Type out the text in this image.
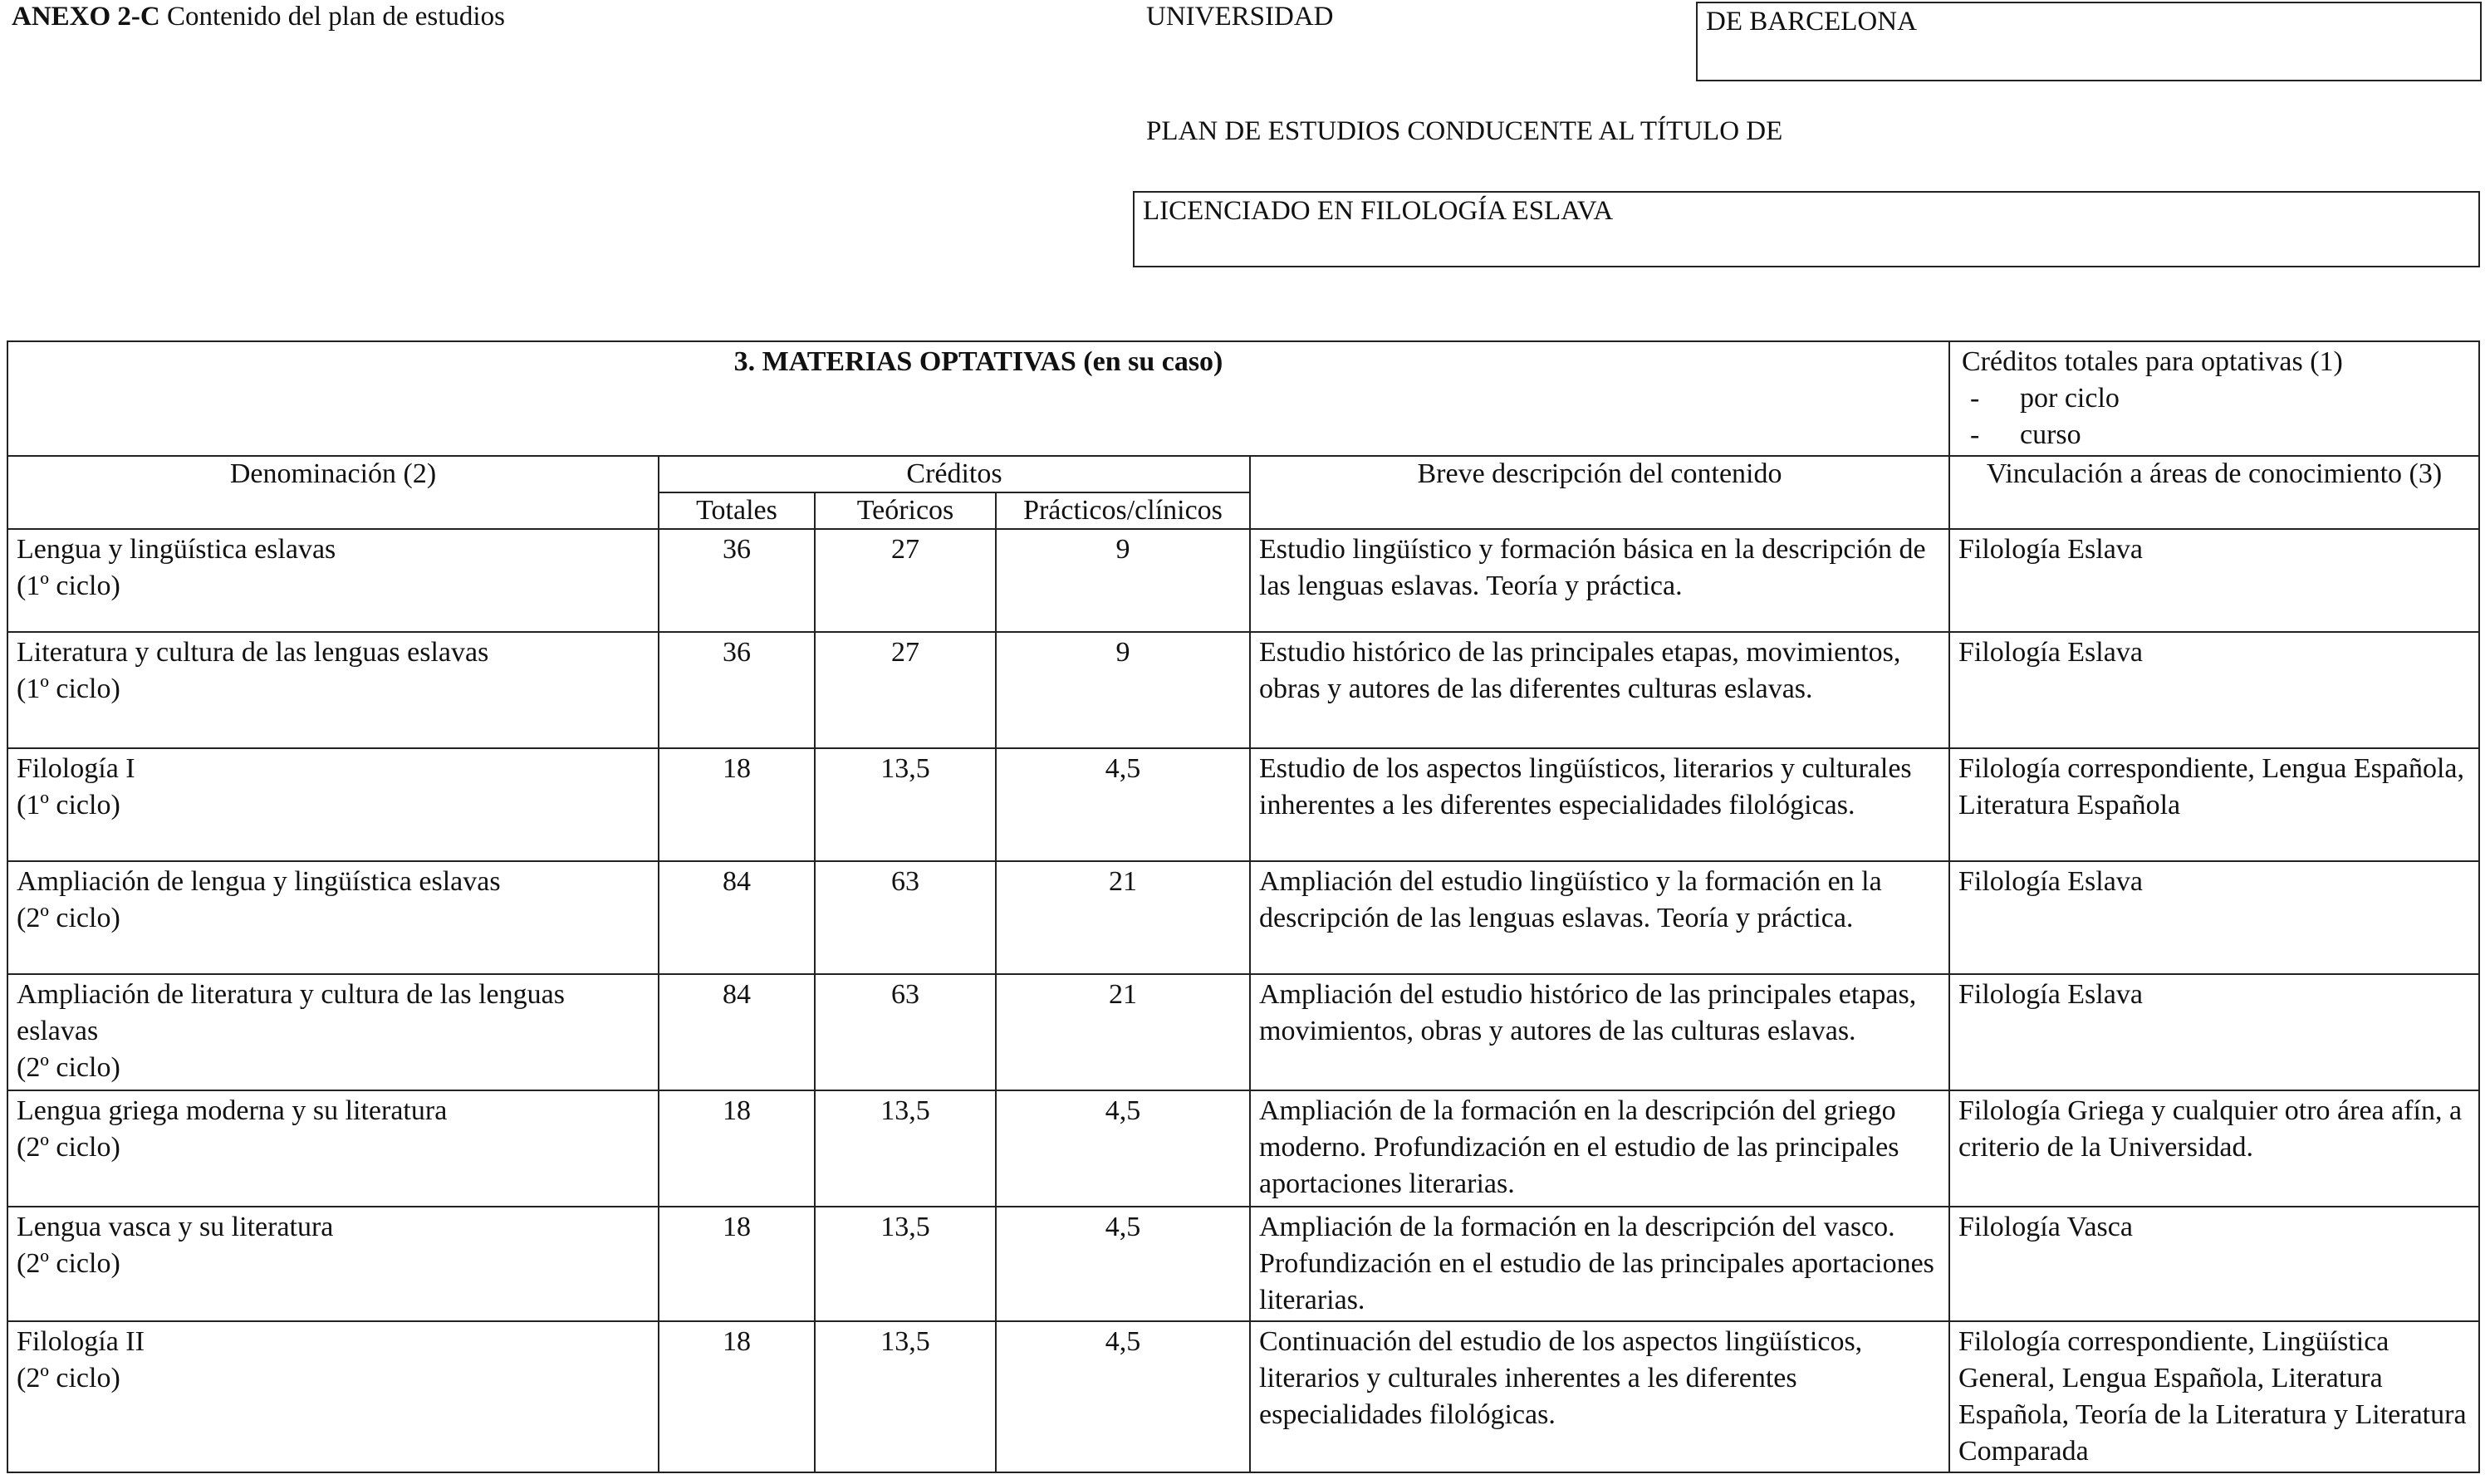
ANEXO 2-C Contenido del plan de estudios	UNIVERSIDAD	DE BARCELONA
PLAN DE ESTUDIOS CONDUCENTE AL TÍTULO DE
LICENCIADO EN FILOLOGÍA ESLAVA
3. MATERIAS OPTATIVAS (en su caso)					Créditos totales para optativas (1)
- por ciclo
- curso

Denominación (2)	Créditos			Breve descripción del contenido	Vinculación a áreas de conocimiento (3)
	Totales	Teóricos	Prácticos/clínicos		

Lengua y lingüística eslavas
(1º ciclo)	36	27	9	Estudio lingüístico y formación básica en la descripción de las lenguas eslavas. Teoría y práctica.	Filología Eslava

Literatura y cultura de las lenguas eslavas
(1º ciclo)	36	27	9	Estudio histórico de las principales etapas, movimientos, obras y autores de las diferentes culturas eslavas.	Filología Eslava

Filología I
(1º ciclo)	18	13,5	4,5	Estudio de los aspectos lingüísticos, literarios y culturales inherentes a les diferentes especialidades filológicas.	Filología correspondiente, Lengua Española, Literatura Española

Ampliación de lengua y lingüística eslavas
(2º ciclo)	84	63	21	Ampliación del estudio lingüístico y la formación en la descripción de las lenguas eslavas. Teoría y práctica.	Filología Eslava

Ampliación de literatura y cultura de las lenguas eslavas
(2º ciclo)	84	63	21	Ampliación del estudio histórico de las principales etapas, movimientos, obras y autores de las culturas eslavas.	Filología Eslava

Lengua griega moderna y su literatura
(2º ciclo)	18	13,5	4,5	Ampliación de la formación en la descripción del griego moderno. Profundización en el estudio de las principales aportaciones literarias.	Filología Griega y cualquier otro área afín, a criterio de la Universidad.

Lengua vasca y su literatura
(2º ciclo)	18	13,5	4,5	Ampliación de la formación en la descripción del vasco. Profundización en el estudio de las principales aportaciones literarias.	Filología Vasca

Filología II
(2º ciclo)	18	13,5	4,5	Continuación del estudio de los aspectos lingüísticos, literarios y culturales inherentes a les diferentes especialidades filológicas.	Filología correspondiente, Lingüística General, Lengua Española, Literatura Española, Teoría de la Literatura y Literatura Comparada
